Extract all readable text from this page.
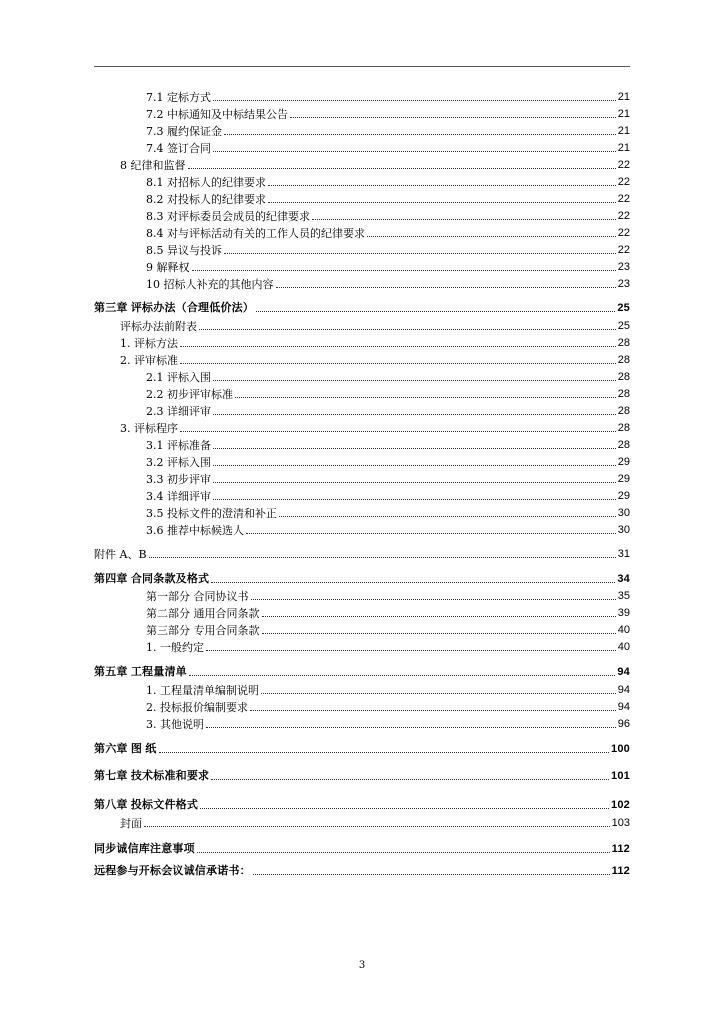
7.1 定标方式	21
7.2 中标通知及中标结果公告	21
7.3 履约保证金	21
7.4 签订合同	21
8 纪律和监督	22
8.1 对招标人的纪律要求	22
8.2 对投标人的纪律要求	22
8.3 对评标委员会成员的纪律要求	22
8.4 对与评标活动有关的工作人员的纪律要求	22
8.5 异议与投诉	22
9 解释权	23
10 招标人补充的其他内容	23
第三章 评标办法（合理低价法）	25
评标办法前附表	25
1. 评标方法	28
2. 评审标准	28
2.1 评标入围	28
2.2 初步评审标准	28
2.3 详细评审	28
3. 评标程序	28
3.1 评标准备	28
3.2 评标入围	29
3.3 初步评审	29
3.4 详细评审	29
3.5 投标文件的澄清和补正	30
3.6 推荐中标候选人	30
附件 A、B	31
第四章 合同条款及格式	34
第一部分 合同协议书	35
第二部分 通用合同条款	39
第三部分 专用合同条款	40
1. 一般约定	40
第五章 工程量清单	94
1. 工程量清单编制说明	94
2. 投标报价编制要求	94
3. 其他说明	96
第六章 图 纸	100
第七章 技术标准和要求	101
第八章 投标文件格式	102
封面	103
同步诚信库注意事项	112
远程参与开标会议诚信承诺书：	112
3
